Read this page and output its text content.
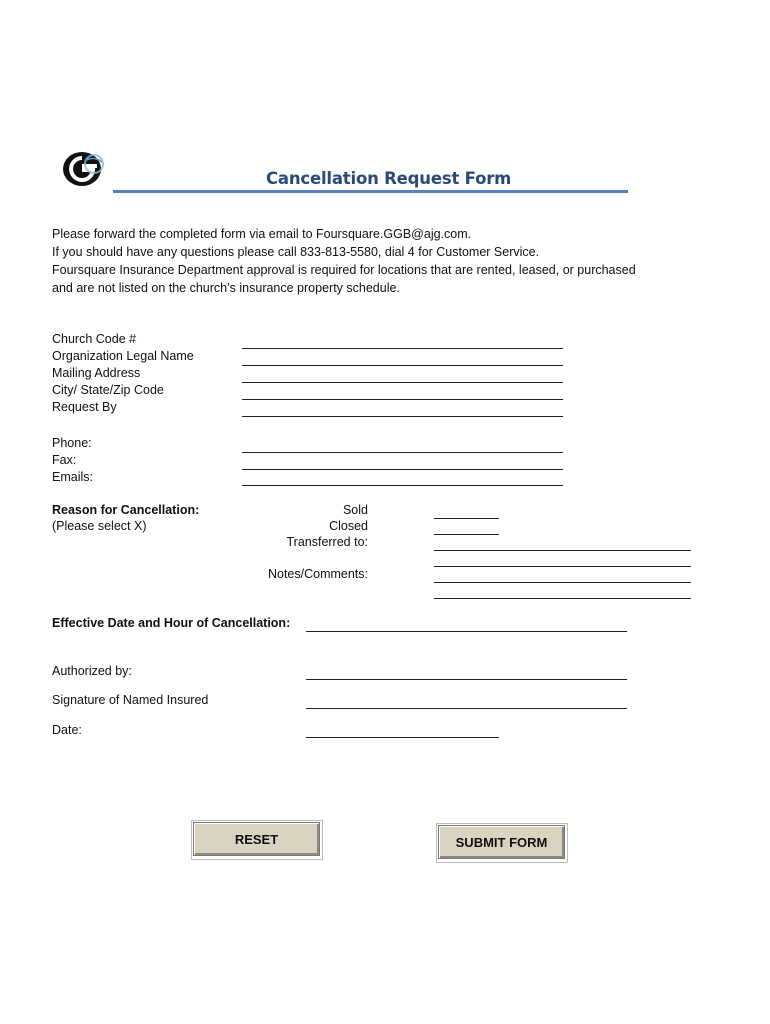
Cancellation Request Form
Please forward the completed form via email to Foursquare.GGB@ajg.com.
If you should have any questions please call 833-813-5580, dial 4 for Customer Service.
Foursquare Insurance Department approval is required for locations that are rented, leased, or purchased
and are not listed on the church’s insurance property schedule.
Church Code #
Organization Legal Name
Mailing Address
City/ State/Zip Code
Request By
Phone:
Fax:
Emails:
Reason for Cancellation:
(Please select X)
Sold
Closed
Transferred to:
Notes/Comments:
Effective Date and Hour of Cancellation:
Authorized by:
Signature of Named Insured
Date:
RESET	SUBMIT FORM
